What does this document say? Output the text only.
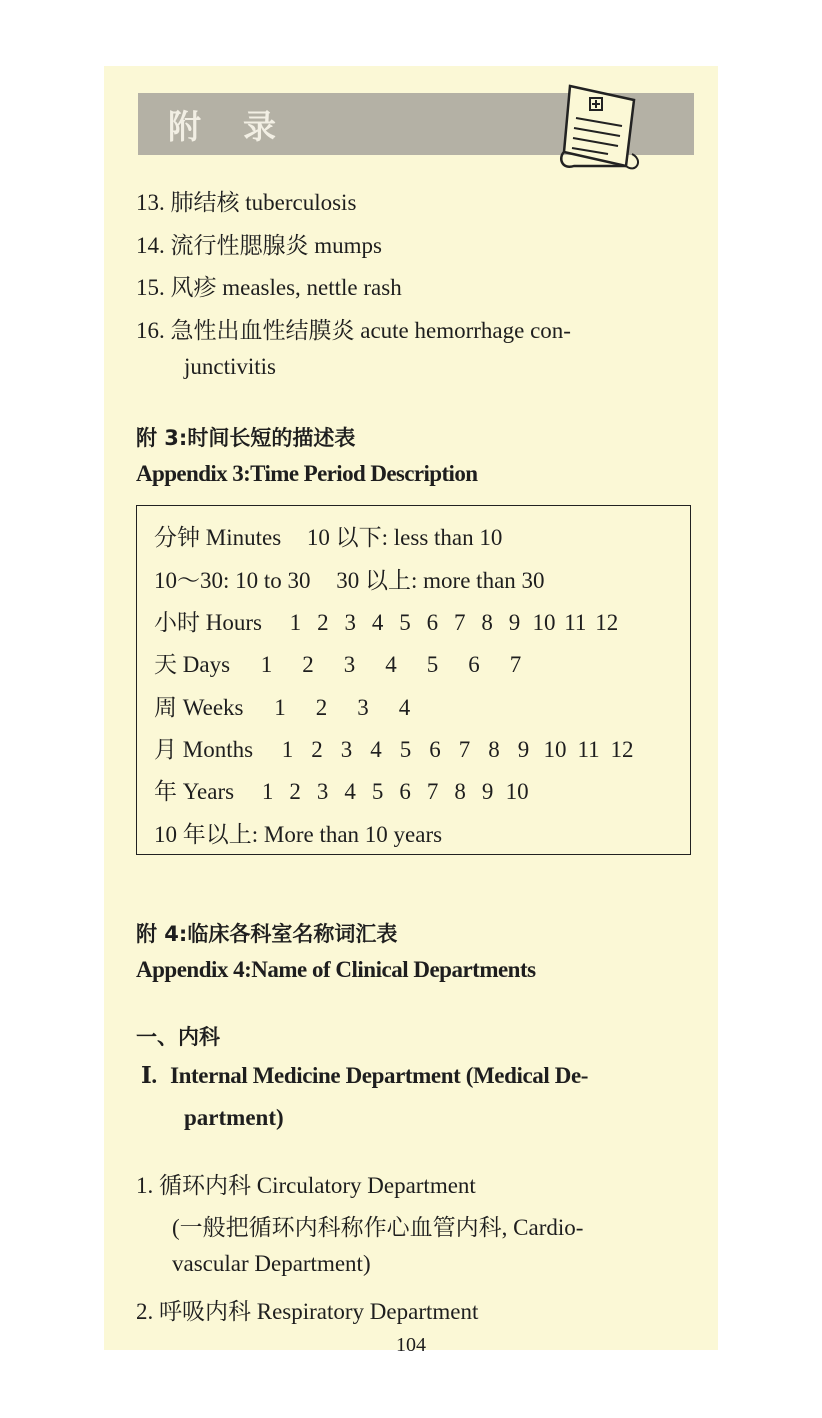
附录
13. 肺结核 tuberculosis
14. 流行性腮腺炎 mumps
15. 风疹 measles, nettle rash
16. 急性出血性结膜炎 acute hemorrhage con-
junctivitis
附 3:时间长短的描述表
Appendix 3:Time Period Description
分钟 Minutes 10 以下: less than 10
10～30: 10 to 30 30 以上: more than 30
小时 Hours 1 2 3 4 5 6 7 8 9 10 11 12
天 Days 1 2 3 4 5 6 7
周 Weeks 1 2 3 4
月 Months 1 2 3 4 5 6 7 8 9 10 11 12
年 Years 1 2 3 4 5 6 7 8 9 10
10 年以上: More than 10 years
附 4:临床各科室名称词汇表
Appendix 4:Name of Clinical Departments
一、内科
Ⅰ. Internal Medicine Department (Medical De-
partment)
1. 循环内科 Circulatory Department
(一般把循环内科称作心血管内科, Cardio-
vascular Department)
2. 呼吸内科 Respiratory Department
104
